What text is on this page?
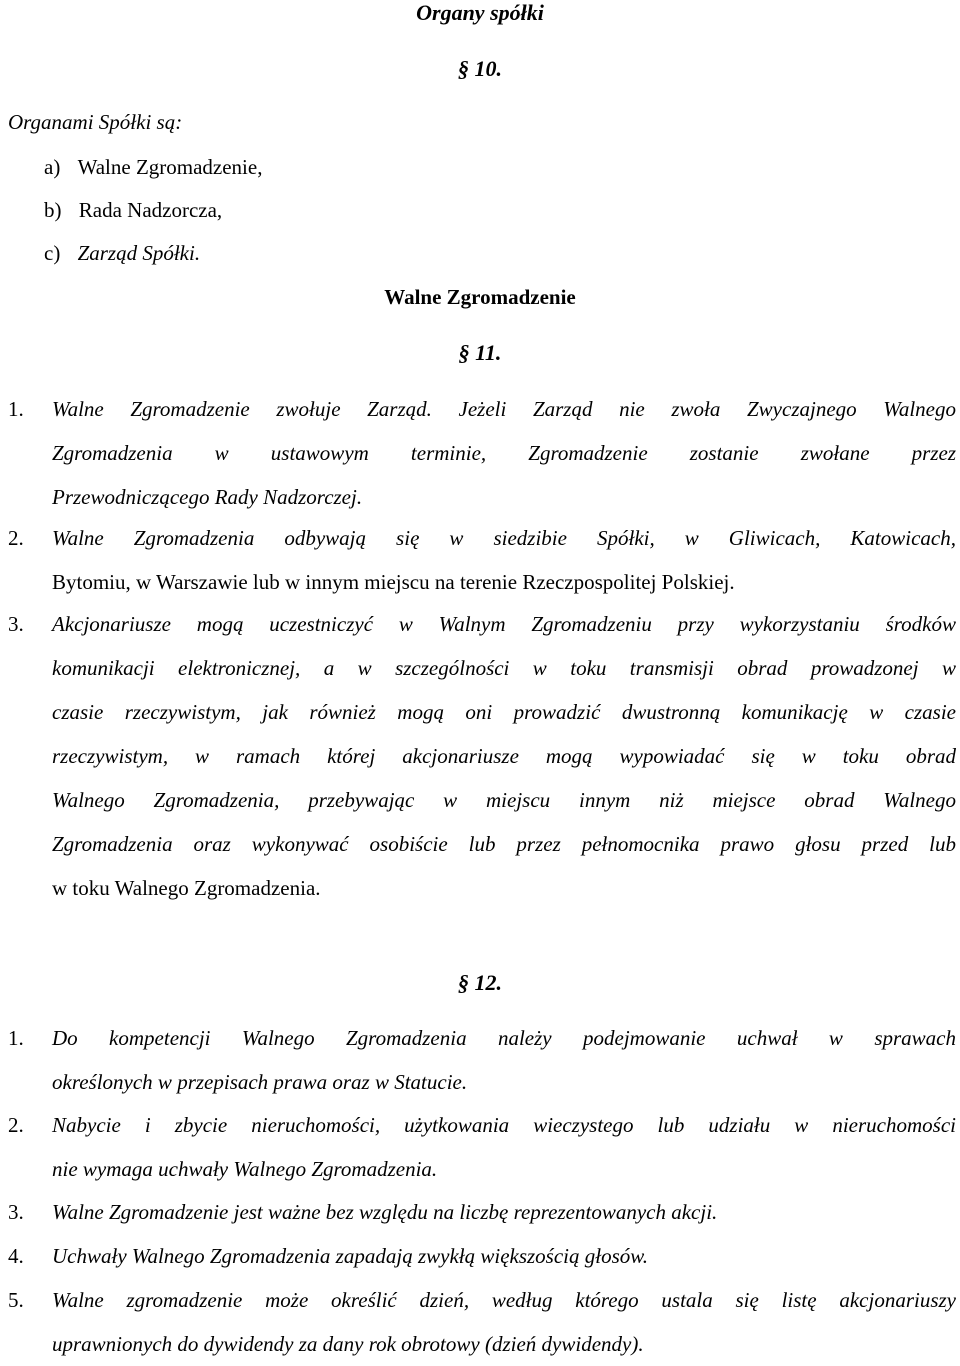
Organy spółki
§ 10.
Organami Spółki są:
a) Walne Zgromadzenie,
b) Rada Nadzorcza,
c) Zarząd Spółki.
Walne Zgromadzenie
§ 11.
1. Walne Zgromadzenie zwołuje Zarząd. Jeżeli Zarząd nie zwoła Zwyczajnego Walnego
Zgromadzenia w ustawowym terminie, Zgromadzenie zostanie zwołane przez
Przewodniczącego Rady Nadzorczej.
2. Walne Zgromadzenia odbywają się w siedzibie Spółki, w Gliwicach, Katowicach,
Bytomiu, w Warszawie lub w innym miejscu na terenie Rzeczpospolitej Polskiej.
3. Akcjonariusze mogą uczestniczyć w Walnym Zgromadzeniu przy wykorzystaniu środków
komunikacji elektronicznej, a w szczególności w toku transmisji obrad prowadzonej w
czasie rzeczywistym, jak również mogą oni prowadzić dwustronną komunikację w czasie
rzeczywistym, w ramach której akcjonariusze mogą wypowiadać się w toku obrad
Walnego Zgromadzenia, przebywając w miejscu innym niż miejsce obrad Walnego
Zgromadzenia oraz wykonywać osobiście lub przez pełnomocnika prawo głosu przed lub
w toku Walnego Zgromadzenia.
§ 12.
1. Do kompetencji Walnego Zgromadzenia należy podejmowanie uchwał w sprawach
określonych w przepisach prawa oraz w Statucie.
2. Nabycie i zbycie nieruchomości, użytkowania wieczystego lub udziału w nieruchomości
nie wymaga uchwały Walnego Zgromadzenia.
3. Walne Zgromadzenie jest ważne bez względu na liczbę reprezentowanych akcji.
4. Uchwały Walnego Zgromadzenia zapadają zwykłą większością głosów.
5. Walne zgromadzenie może określić dzień, według którego ustala się listę akcjonariuszy
uprawnionych do dywidendy za dany rok obrotowy (dzień dywidendy).
